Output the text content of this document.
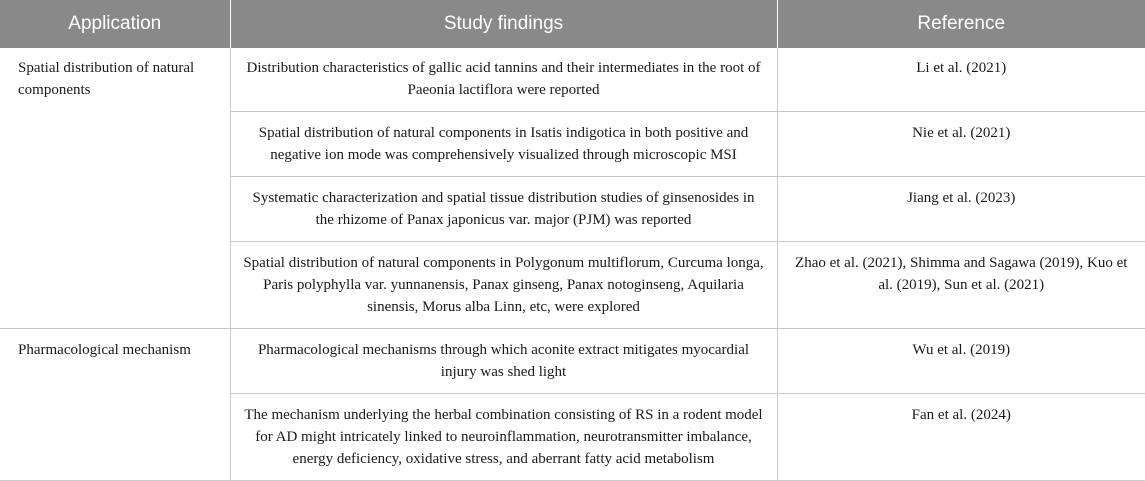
Application	Study findings	Reference
Spatial distribution of natural components	Distribution characteristics of gallic acid tannins and their intermediates in the root of Paeonia lactiflora were reported	Li et al. (2021)
	Spatial distribution of natural components in Isatis indigotica in both positive and negative ion mode was comprehensively visualized through microscopic MSI	Nie et al. (2021)
	Systematic characterization and spatial tissue distribution studies of ginsenosides in the rhizome of Panax japonicus var. major (PJM) was reported	Jiang et al. (2023)
	Spatial distribution of natural components in Polygonum multiflorum, Curcuma longa, Paris polyphylla var. yunnanensis, Panax ginseng, Panax notoginseng, Aquilaria sinensis, Morus alba Linn, etc, were explored	Zhao et al. (2021), Shimma and Sagawa (2019), Kuo et al. (2019), Sun et al. (2021)
Pharmacological mechanism	Pharmacological mechanisms through which aconite extract mitigates myocardial injury was shed light	Wu et al. (2019)
	The mechanism underlying the herbal combination consisting of RS in a rodent model for AD might intricately linked to neuroinflammation, neurotransmitter imbalance, energy deficiency, oxidative stress, and aberrant fatty acid metabolism	Fan et al. (2024)
